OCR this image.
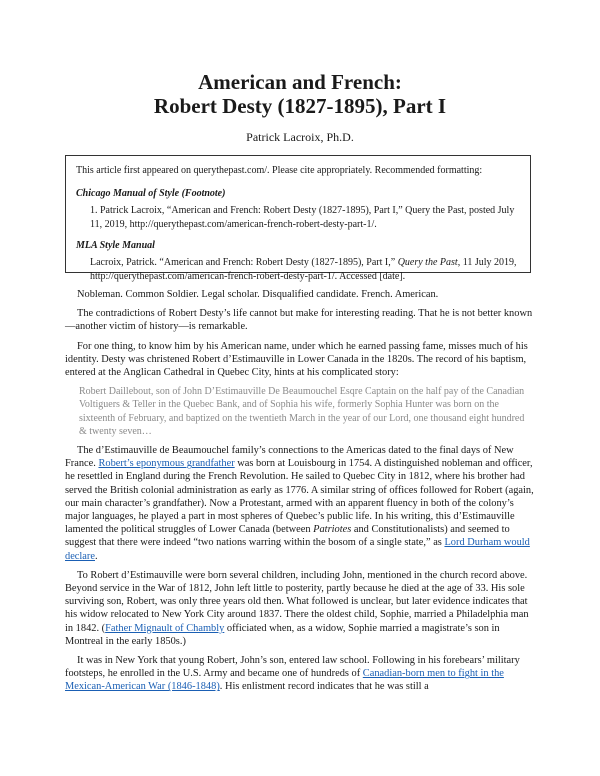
American and French:
Robert Desty (1827-1895), Part I
Patrick Lacroix, Ph.D.

This article first appeared on querythepast.com/. Please cite appropriately. Recommended formatting:

Chicago Manual of Style (Footnote)

1. Patrick Lacroix, “American and French: Robert Desty (1827-1895), Part I,” Query the Past, posted July 11, 2019, http://querythepast.com/american-french-robert-desty-part-1/.

MLA Style Manual

Lacroix, Patrick. “American and French: Robert Desty (1827-1895), Part I,” Query the Past, 11 July 2019, http://querythepast.com/american-french-robert-desty-part-1/. Accessed [date].

Nobleman. Common Soldier. Legal scholar. Disqualified candidate. French. American.

The contradictions of Robert Desty’s life cannot but make for interesting reading. That he is not better known—another victim of history—is remarkable.

For one thing, to know him by his American name, under which he earned passing fame, misses much of his identity. Desty was christened Robert d’Estimauville in Lower Canada in the 1820s. The record of his baptism, entered at the Anglican Cathedral in Quebec City, hints at his complicated story:

Robert Daillebout, son of John D’Estimauville De Beaumouchel Esqre Captain on the half pay of the Canadian Voltiguers & Teller in the Quebec Bank, and of Sophia his wife, formerly Sophia Hunter was born on the sixteenth of February, and baptized on the twentieth March in the year of our Lord, one thousand eight hundred & twenty seven…

The d’Estimauville de Beaumouchel family’s connections to the Americas dated to the final days of New France. Robert’s eponymous grandfather was born at Louisbourg in 1754. A distinguished nobleman and officer, he resettled in England during the French Revolution. He sailed to Quebec City in 1812, where his brother had served the British colonial administration as early as 1776. A similar string of offices followed for Robert (again, our main character’s grandfather). Now a Protestant, armed with an apparent fluency in both of the colony’s major languages, he played a part in most spheres of Quebec’s public life. In his writing, this d’Estimauville lamented the political struggles of Lower Canada (between Patriotes and Constitutionalists) and seemed to suggest that there were indeed “two nations warring within the bosom of a single state,” as Lord Durham would declare.

To Robert d’Estimauville were born several children, including John, mentioned in the church record above. Beyond service in the War of 1812, John left little to posterity, partly because he died at the age of 33. His sole surviving son, Robert, was only three years old then. What followed is unclear, but later evidence indicates that his widow relocated to New York City around 1837. There the oldest child, Sophie, married a Philadelphia man in 1842. (Father Mignault of Chambly officiated when, as a widow, Sophie married a magistrate’s son in Montreal in the early 1850s.)

It was in New York that young Robert, John’s son, entered law school. Following in his forebears’ military footsteps, he enrolled in the U.S. Army and became one of hundreds of Canadian-born men to fight in the Mexican-American War (1846-1848). His enlistment record indicates that he was still a
